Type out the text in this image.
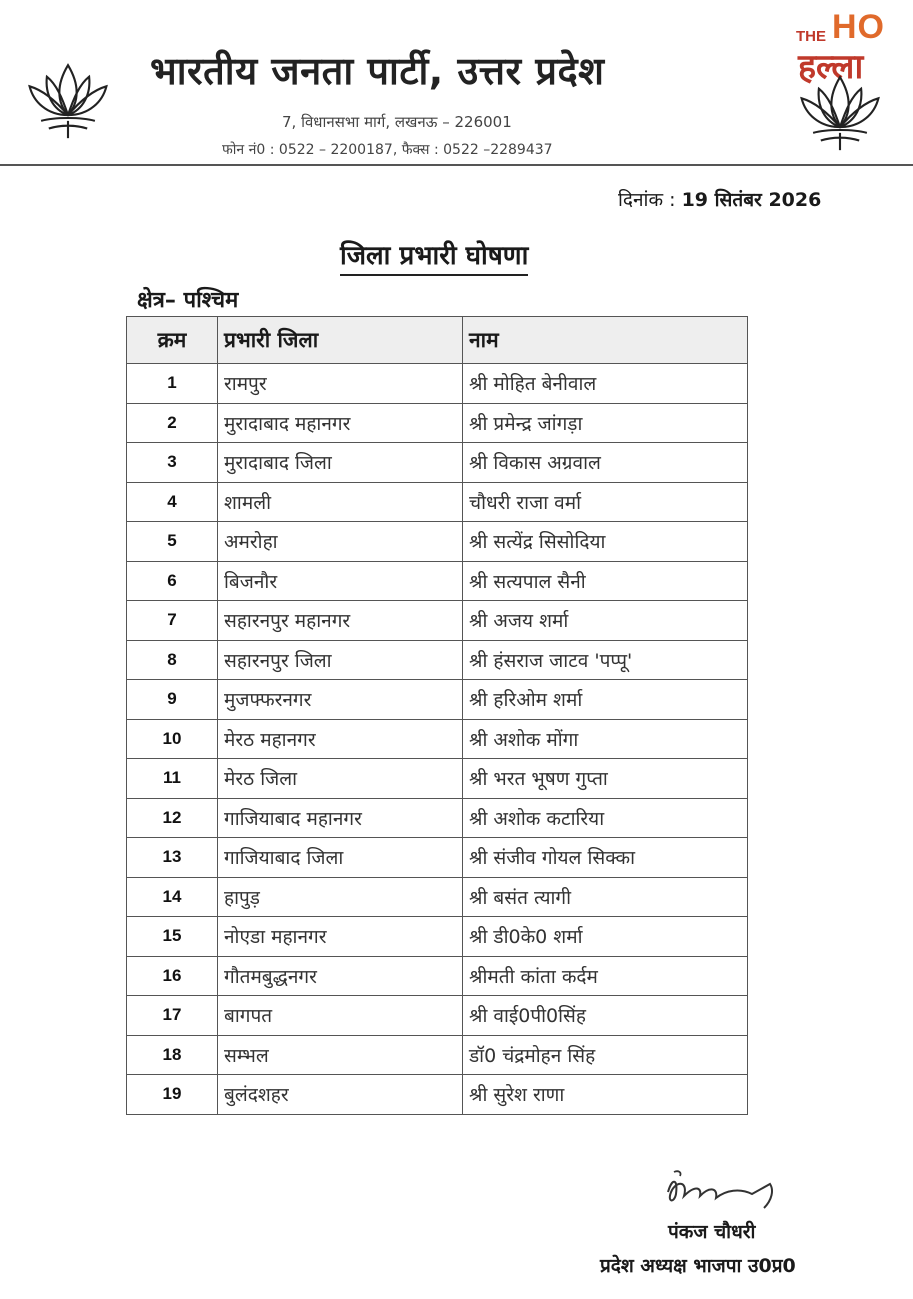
THE HO
हल्ला
भारतीय जनता पार्टी, उत्तर प्रदेश
7, विधानसभा मार्ग, लखनऊ – 226001
फोन नं0 : 0522 – 2200187, फैक्स : 0522 –2289437
दिनांक : 19 सितंबर 2026
जिला प्रभारी घोषणा
क्षेत्र– पश्चिम
क्रम	प्रभारी जिला	नाम
1	रामपुर	श्री मोहित बेनीवाल
2	मुरादाबाद महानगर	श्री प्रमेन्द्र जांगड़ा
3	मुरादाबाद जिला	श्री विकास अग्रवाल
4	शामली	चौधरी राजा वर्मा
5	अमरोहा	श्री सत्येंद्र सिसोदिया
6	बिजनौर	श्री सत्यपाल सैनी
7	सहारनपुर महानगर	श्री अजय शर्मा
8	सहारनपुर जिला	श्री हंसराज जाटव 'पप्पू'
9	मुजफ्फरनगर	श्री हरिओम शर्मा
10	मेरठ महानगर	श्री अशोक मोंगा
11	मेरठ जिला	श्री भरत भूषण गुप्ता
12	गाजियाबाद महानगर	श्री अशोक कटारिया
13	गाजियाबाद जिला	श्री संजीव गोयल सिक्का
14	हापुड़	श्री बसंत त्यागी
15	नोएडा महानगर	श्री डी0के0 शर्मा
16	गौतमबुद्धनगर	श्रीमती कांता कर्दम
17	बागपत	श्री वाई0पी0सिंह
18	सम्भल	डॉ0 चंद्रमोहन सिंह
19	बुलंदशहर	श्री सुरेश राणा
पंकज चौधरी
प्रदेश अध्यक्ष भाजपा उ0प्र0
